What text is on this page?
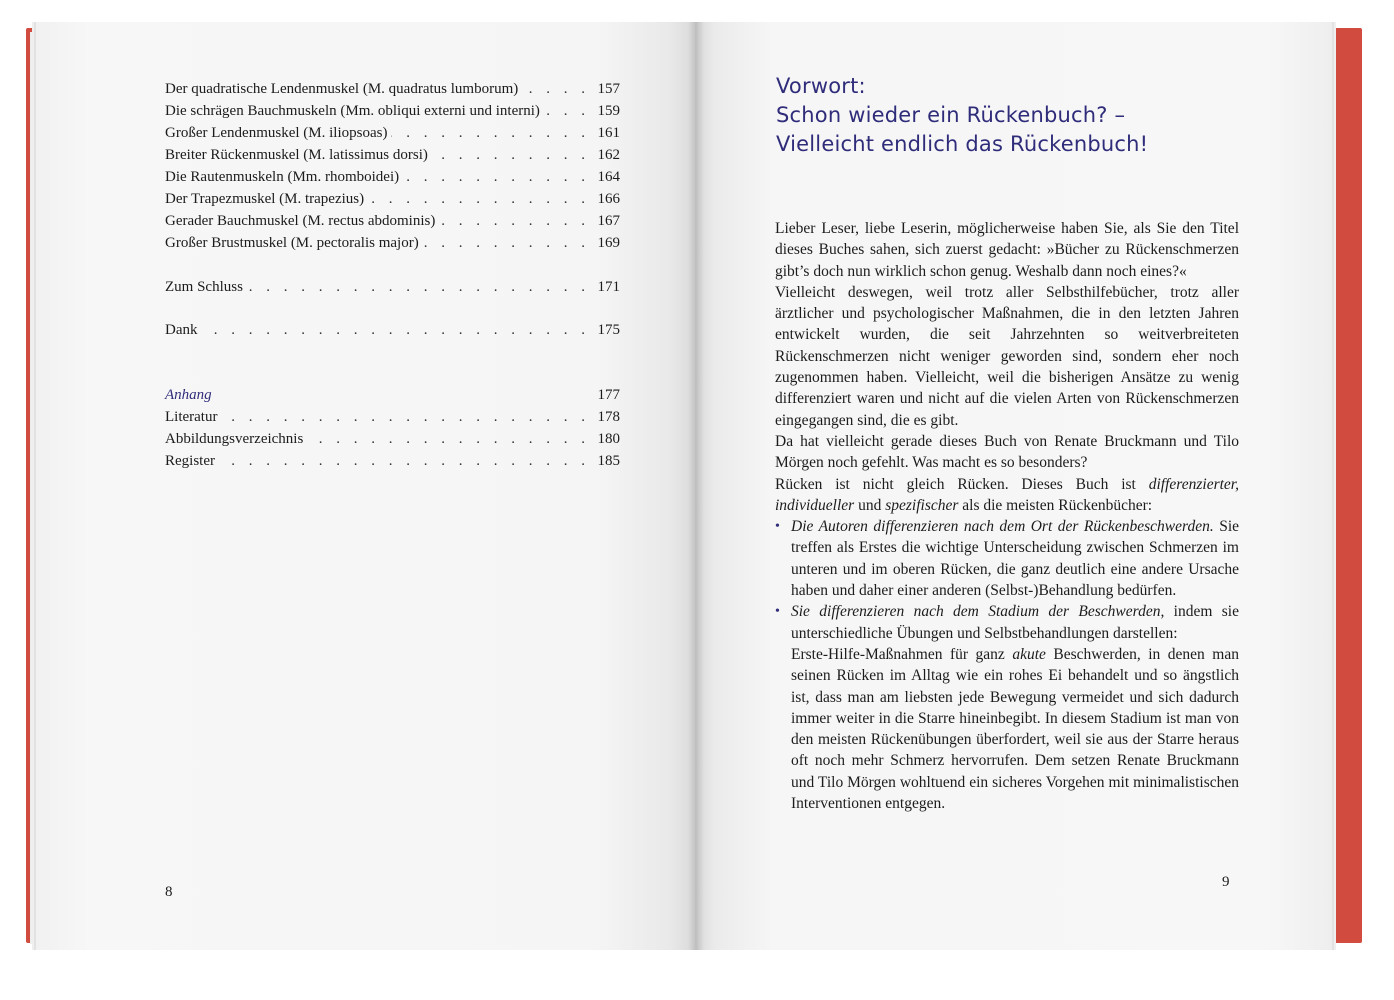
Der quadratische Lendenmuskel (M. quadratus lumborum) . . .	157
Die schrägen Bauchmuskeln (Mm. obliqui externi und interni) . . .	159
Großer Lendenmuskel (M. iliopsoas) . . .	161
Breiter Rückenmuskel (M. latissimus dorsi) . . .	162
Die Rautenmuskeln (Mm. rhomboidei) . . .	164
Der Trapezmuskel (M. trapezius) . . .	166
Gerader Bauchmuskel (M. rectus abdominis) . . .	167
Großer Brustmuskel (M. pectoralis major) . . .	169
Zum Schluss . . .	171
Dank . . .	175
Anhang	177
Literatur . . .	178
Abbildungsverzeichnis . . .	180
Register . . .	185
8
Vorwort:
Schon wieder ein Rückenbuch? –
Vielleicht endlich das Rückenbuch!

Lieber Leser, liebe Leserin, möglicherweise haben Sie, als Sie den Titel dieses Buches sahen, sich zuerst gedacht: »Bücher zu Rückenschmerzen gibt’s doch nun wirklich schon genug. Weshalb dann noch eines?«

Vielleicht deswegen, weil trotz aller Selbsthilfebücher, trotz aller ärztlicher und psychologischer Maßnahmen, die in den letzten Jahren entwickelt wurden, die seit Jahrzehnten so weitverbreiteten Rückenschmerzen nicht weniger geworden sind, sondern eher noch zugenommen haben. Vielleicht, weil die bisherigen Ansätze zu wenig differenziert waren und nicht auf die vielen Arten von Rückenschmerzen eingegangen sind, die es gibt.

Da hat vielleicht gerade dieses Buch von Renate Bruckmann und Tilo Mörgen noch gefehlt. Was macht es so besonders?

Rücken ist nicht gleich Rücken. Dieses Buch ist differenzierter, individueller und spezifischer als die meisten Rückenbücher:

• Die Autoren differenzieren nach dem Ort der Rückenbeschwerden. Sie treffen als Erstes die wichtige Unterscheidung zwischen Schmerzen im unteren und im oberen Rücken, die ganz deutlich eine andere Ursache haben und daher einer anderen (Selbst-)Behandlung bedürfen.
• Sie differenzieren nach dem Stadium der Beschwerden, indem sie unterschiedliche Übungen und Selbstbehandlungen darstellen:
Erste-Hilfe-Maßnahmen für ganz akute Beschwerden, in denen man seinen Rücken im Alltag wie ein rohes Ei behandelt und so ängstlich ist, dass man am liebsten jede Bewegung vermeidet und sich dadurch immer weiter in die Starre hineinbegibt. In diesem Stadium ist man von den meisten Rückenübungen überfordert, weil sie aus der Starre heraus oft noch mehr Schmerz hervorrufen. Dem setzen Renate Bruckmann und Tilo Mörgen wohltuend ein sicheres Vorgehen mit minimalistischen Interventionen entgegen.
9
